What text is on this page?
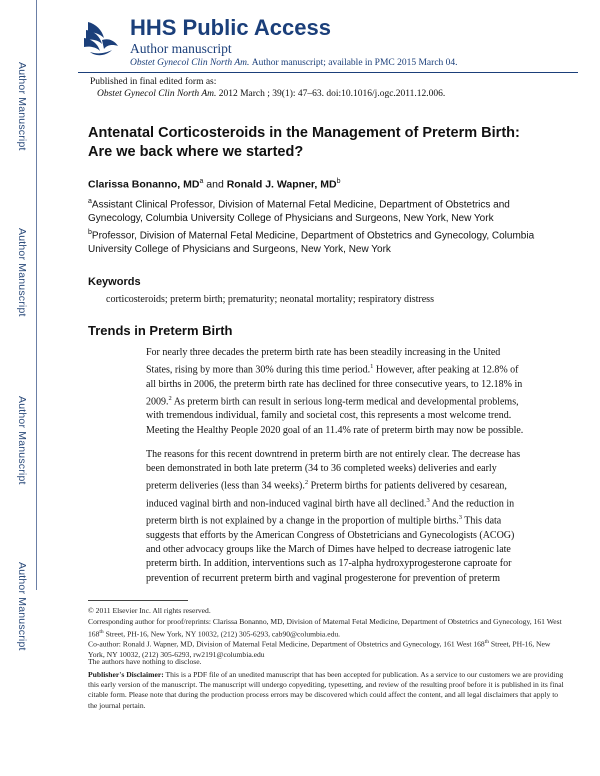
Author Manuscript
Author Manuscript
Author Manuscript
Author Manuscript
HHS Public Access
Author manuscript
Obstet Gynecol Clin North Am. Author manuscript; available in PMC 2015 March 04.
Published in final edited form as:
Obstet Gynecol Clin North Am. 2012 March ; 39(1): 47–63. doi:10.1016/j.ogc.2011.12.006.
Antenatal Corticosteroids in the Management of Preterm Birth:
Are we back where we started?
Clarissa Bonanno, $MD^a$ and Ronald J. Wapner, $MD^b$
$^a$Assistant Clinical Professor, Division of Maternal Fetal Medicine, Department of Obstetrics and Gynecology, Columbia University College of Physicians and Surgeons, New York, New York
$^b$Professor, Division of Maternal Fetal Medicine, Department of Obstetrics and Gynecology, Columbia University College of Physicians and Surgeons, New York, New York
Keywords
corticosteroids; preterm birth; prematurity; neonatal mortality; respiratory distress
Trends in Preterm Birth
For nearly three decades the preterm birth rate has been steadily increasing in the United States, rising by more than 30% during this time period.$^1$ However, after peaking at 12.8% of all births in 2006, the preterm birth rate has declined for three consecutive years, to 12.18% in 2009.$^2$ As preterm birth can result in serious long-term medical and developmental problems, with tremendous individual, family and societal cost, this represents a most welcome trend. Meeting the Healthy People 2020 goal of an 11.4% rate of preterm birth may now be possible.
The reasons for this recent downtrend in preterm birth are not entirely clear. The decrease has been demonstrated in both late preterm (34 to 36 completed weeks) deliveries and early preterm deliveries (less than 34 weeks).$^2$ Preterm births for patients delivered by cesarean, induced vaginal birth and non-induced vaginal birth have all declined.$^3$ And the reduction in preterm birth is not explained by a change in the proportion of multiple births.$^3$ This data suggests that efforts by the American Congress of Obstetricians and Gynecologists (ACOG) and other advocacy groups like the March of Dimes have helped to decrease iatrogenic late preterm birth. In addition, interventions such as 17-alpha hydroxyprogesterone caproate for prevention of recurrent preterm birth and vaginal progesterone for prevention of preterm
© 2011 Elsevier Inc. All rights reserved.
Corresponding author for proof/reprints: Clarissa Bonanno, MD, Division of Maternal Fetal Medicine, Department of Obstetrics and Gynecology, 161 West 168th Street, PH-16, New York, NY 10032, (212) 305-6293, cab90@columbia.edu.
Co-author: Ronald J. Wapner, MD, Division of Maternal Fetal Medicine, Department of Obstetrics and Gynecology, 161 West 168th Street, PH-16, New York, NY 10032, (212) 305-6293, rw2191@columbia.edu
The authors have nothing to disclose.
Publisher's Disclaimer: This is a PDF file of an unedited manuscript that has been accepted for publication. As a service to our customers we are providing this early version of the manuscript. The manuscript will undergo copyediting, typesetting, and review of the resulting proof before it is published in its final citable form. Please note that during the production process errors may be discovered which could affect the content, and all legal disclaimers that apply to the journal pertain.
